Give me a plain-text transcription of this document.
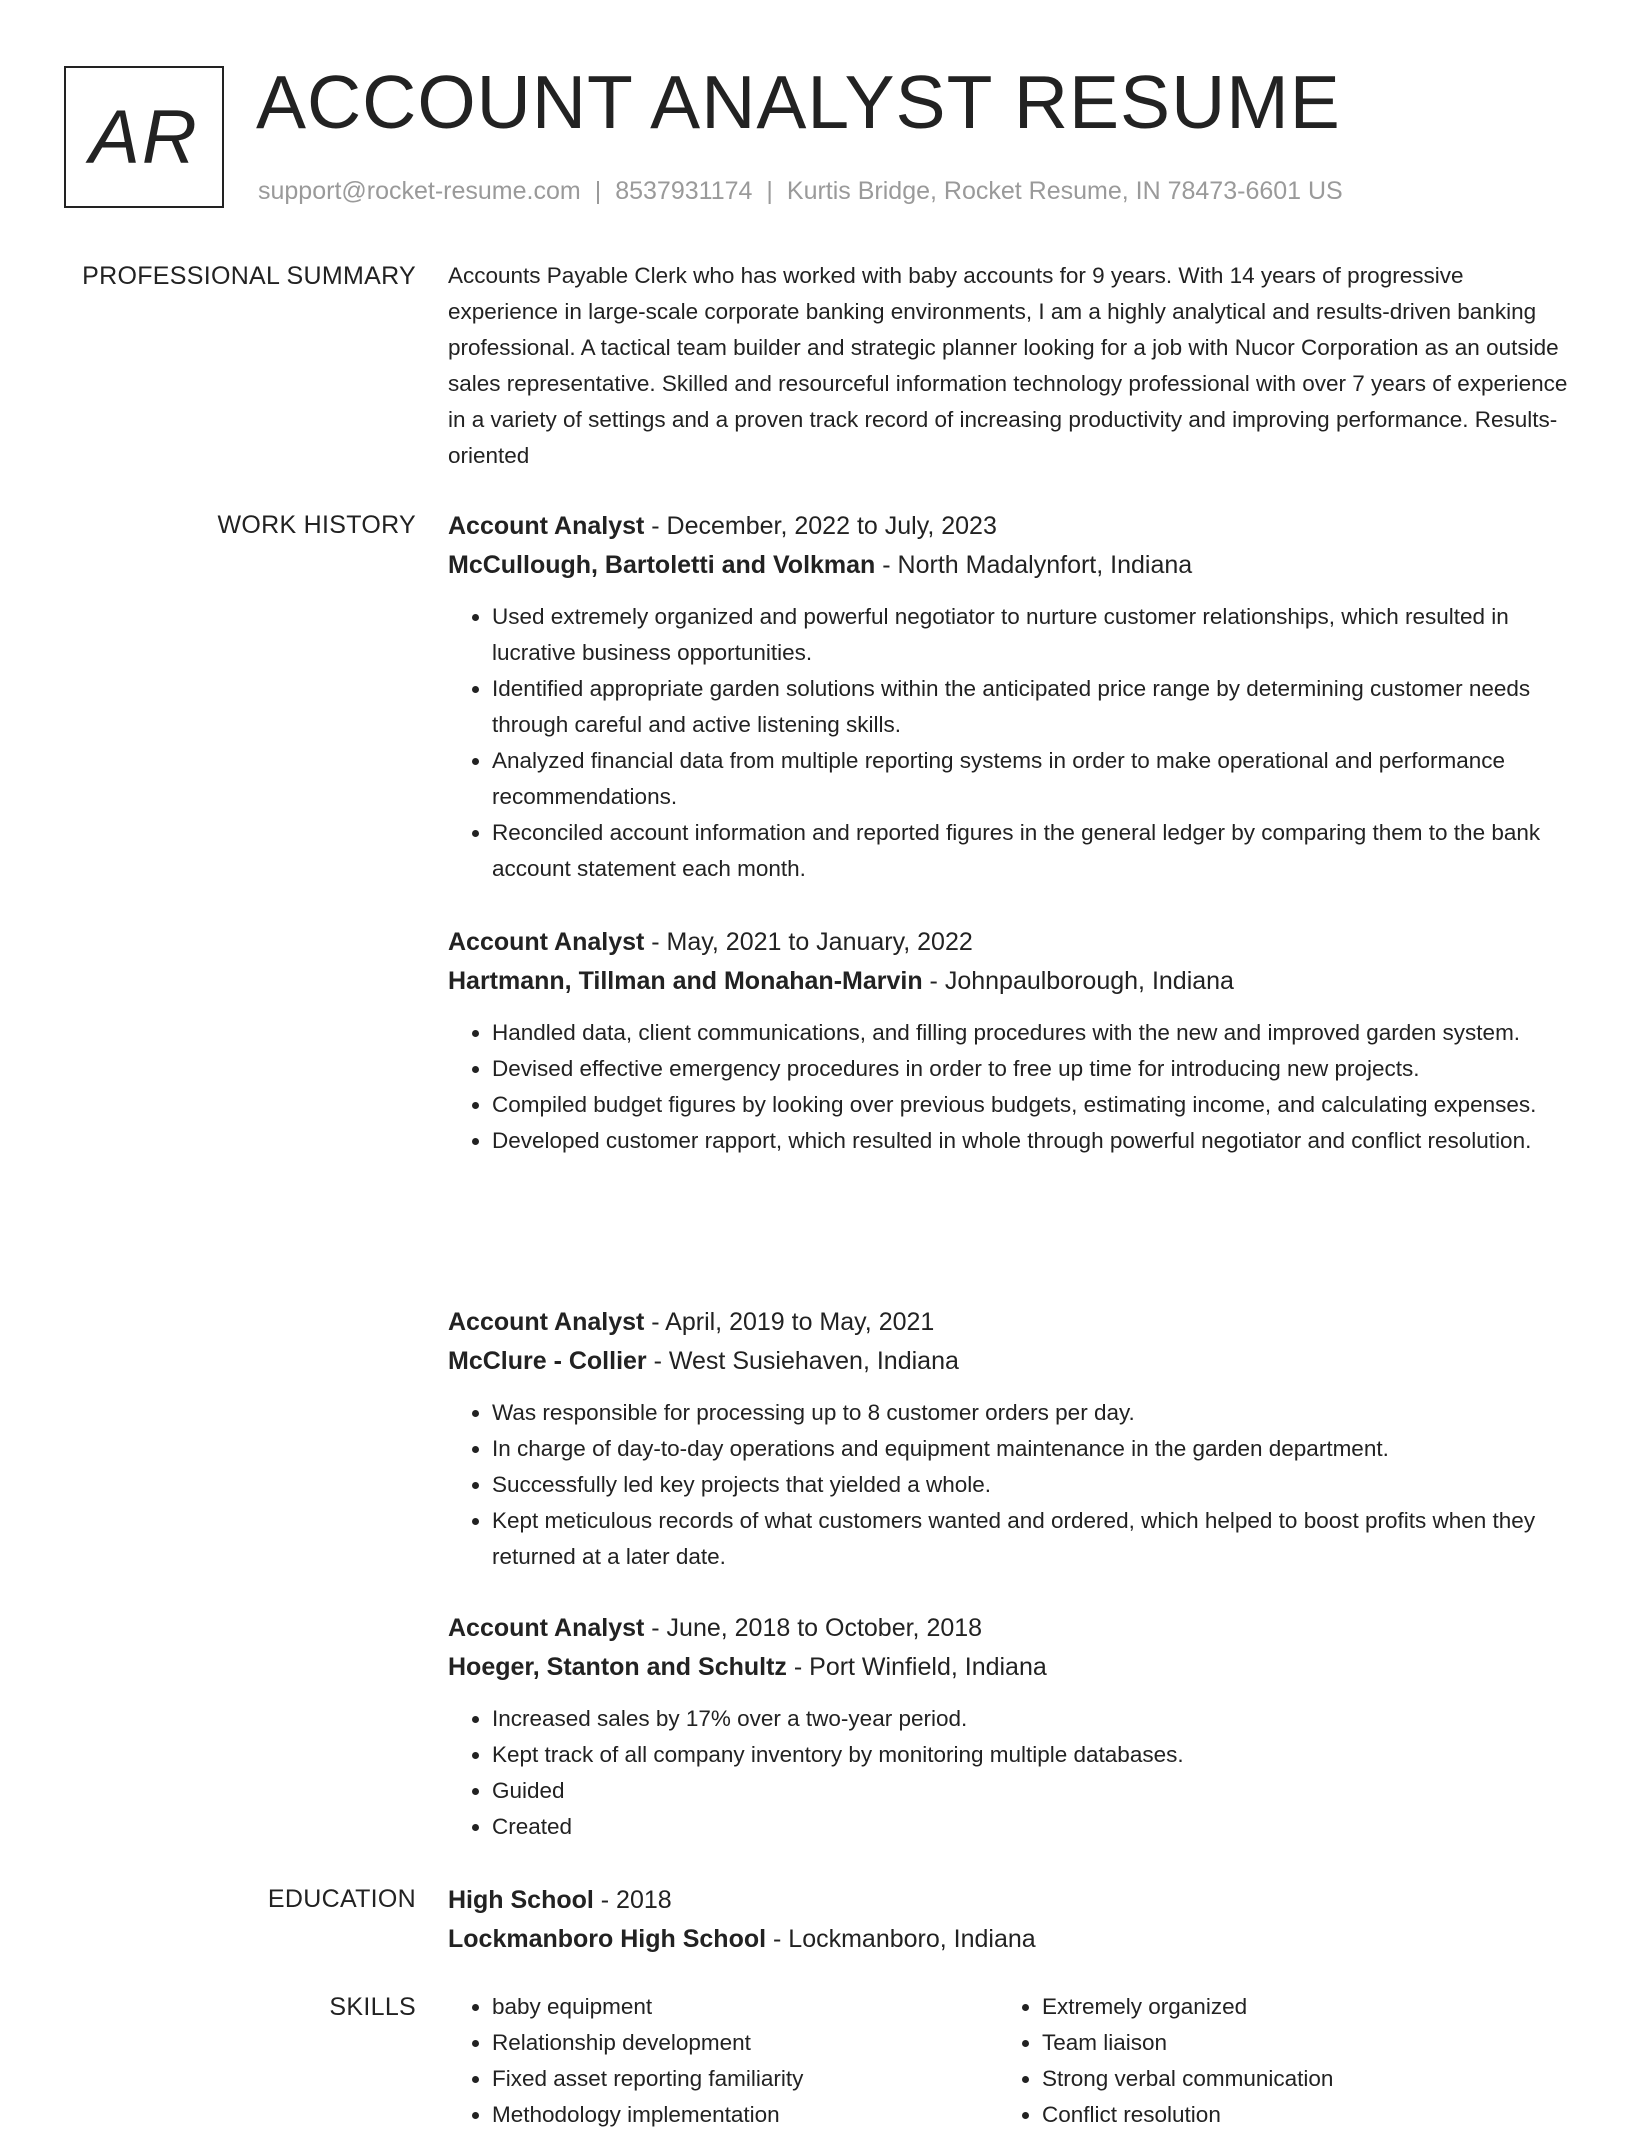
AR ACCOUNT ANALYST RESUME
support@rocket-resume.com | 8537931174 | Kurtis Bridge, Rocket Resume, IN 78473-6601 US
PROFESSIONAL SUMMARY Accounts Payable Clerk who has worked with baby accounts for 9 years. With 14 years of progressive experience in large-scale corporate banking environments, I am a highly analytical and results-driven banking professional. A tactical team builder and strategic planner looking for a job with Nucor Corporation as an outside sales representative. Skilled and resourceful information technology professional with over 7 years of experience in a variety of settings and a proven track record of increasing productivity and improving performance. Results-oriented

WORK HISTORY Account Analyst - December, 2022 to July, 2023

McCullough, Bartoletti and Volkman - North Madalynfort, Indiana

• Used extremely organized and powerful negotiator to nurture customer relationships, which resulted in lucrative business opportunities.
• Identified appropriate garden solutions within the anticipated price range by determining customer needs through careful and active listening skills.
• Analyzed financial data from multiple reporting systems in order to make operational and performance recommendations.
• Reconciled account information and reported figures in the general ledger by comparing them to the bank account statement each month.

Account Analyst - May, 2021 to January, 2022

Hartmann, Tillman and Monahan-Marvin - Johnpaulborough, Indiana

• Handled data, client communications, and filling procedures with the new and improved garden system.
• Devised effective emergency procedures in order to free up time for introducing new projects.
• Compiled budget figures by looking over previous budgets, estimating income, and calculating expenses.
• Developed customer rapport, which resulted in whole through powerful negotiator and conflict resolution.

Account Analyst - April, 2019 to May, 2021

McClure - Collier - West Susiehaven, Indiana

• Was responsible for processing up to 8 customer orders per day.
• In charge of day-to-day operations and equipment maintenance in the garden department.
• Successfully led key projects that yielded a whole.
• Kept meticulous records of what customers wanted and ordered, which helped to boost profits when they returned at a later date.

Account Analyst - June, 2018 to October, 2018

Hoeger, Stanton and Schultz - Port Winfield, Indiana

• Increased sales by 17% over a two-year period.
• Kept track of all company inventory by monitoring multiple databases.
• Guided
• Created
EDUCATION High School - 2018

Lockmanboro High School - Lockmanboro, Indiana

SKILLS
•	baby equipment
• Relationship development
• Fixed asset reporting familiarity
• Methodology implementation
• Extremely organized
• Team liaison
• Strong verbal communication
• Conflict resolution
